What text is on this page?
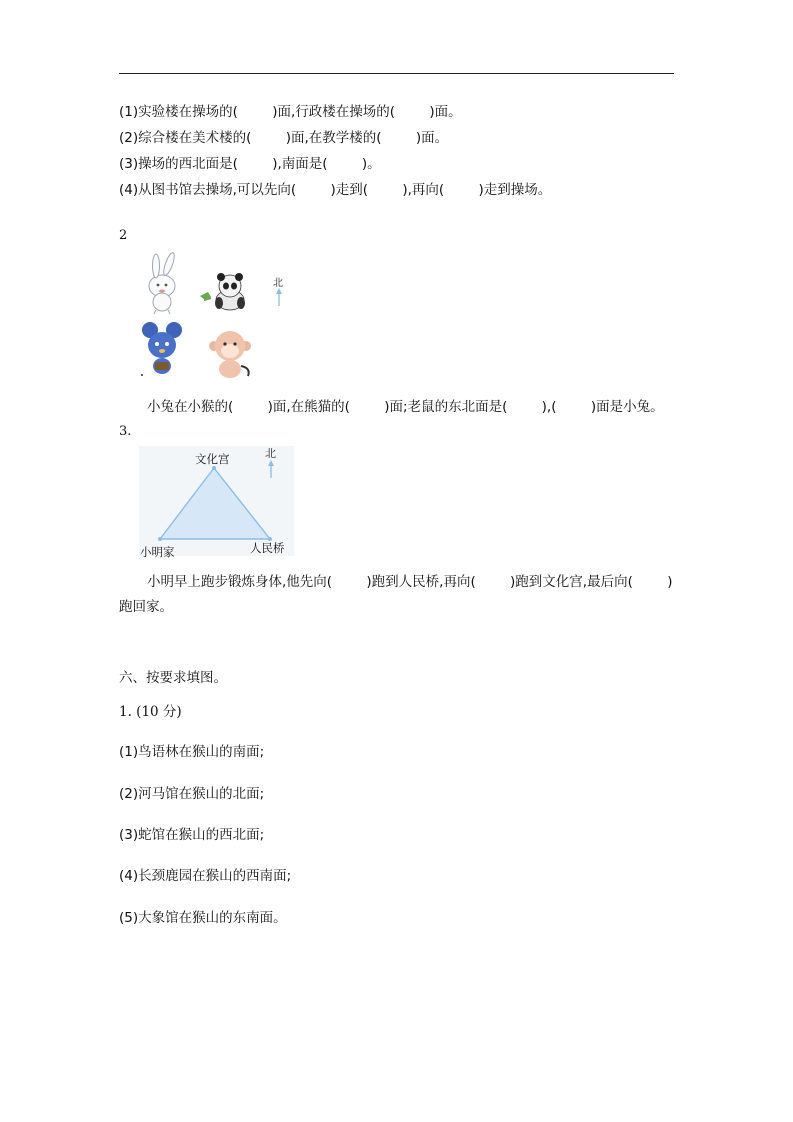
(1)实验楼在操场的(        )面,行政楼在操场的(        )面。
(2)综合楼在美术楼的(        )面,在教学楼的(        )面。
(3)操场的西北面是(        ),南面是(        )。
(4)从图书馆去操场,可以先向(        )走到(        ),再向(        )走到操场。
2
北
小兔在小猴的(        )面,在熊猫的(        )面;老鼠的东北面是(        ),(        )面是小兔。
3.
北
文化宫
小明家	人民桥
小明早上跑步锻炼身体,他先向(        )跑到人民桥,再向(        )跑到文化宫,最后向(        )
跑回家。
六、按要求填图。
1. (10 分)
(1)鸟语林在猴山的南面;
(2)河马馆在猴山的北面;
(3)蛇馆在猴山的西北面;
(4)长颈鹿园在猴山的西南面;
(5)大象馆在猴山的东南面。
